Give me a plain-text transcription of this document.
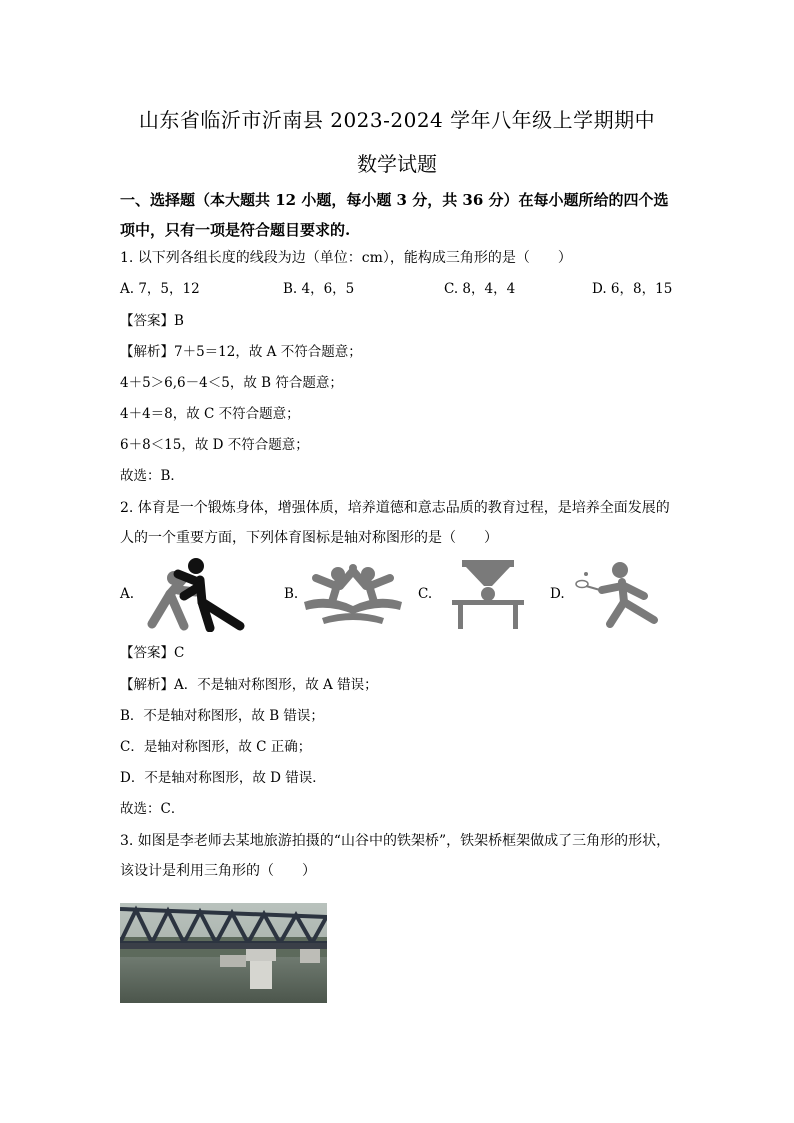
山东省临沂市沂南县 2023-2024 学年八年级上学期期中
数学试题
一、选择题（本大题共 12 小题，每小题 3 分，共 36 分）在每小题所给的四个选项中，只有一项是符合题目要求的.
1. 以下列各组长度的线段为边（单位：cm），能构成三角形的是（　　）
A. 7，5，12	B. 4，6，5	C. 8，4，4	D. 6，8，15
【答案】B
【解析】7＋5＝12，故 A 不符合题意；
4＋5＞6,6－4＜5，故 B 符合题意；
4＋4＝8，故 C 不符合题意；
6＋8＜15，故 D 不符合题意；
故选：B．
2. 体育是一个锻炼身体，增强体质，培养道德和意志品质的教育过程，是培养全面发展的
人的一个重要方面，下列体育图标是轴对称图形的是（　　）
A.	B.	C.	D.
【答案】C
【解析】A．不是轴对称图形，故 A 错误；
B．不是轴对称图形，故 B 错误；
C．是轴对称图形，故 C 正确；
D．不是轴对称图形，故 D 错误．
故选：C．
3. 如图是李老师去某地旅游拍摄的“山谷中的铁架桥”，铁架桥框架做成了三角形的形状，
该设计是利用三角形的（　　）
